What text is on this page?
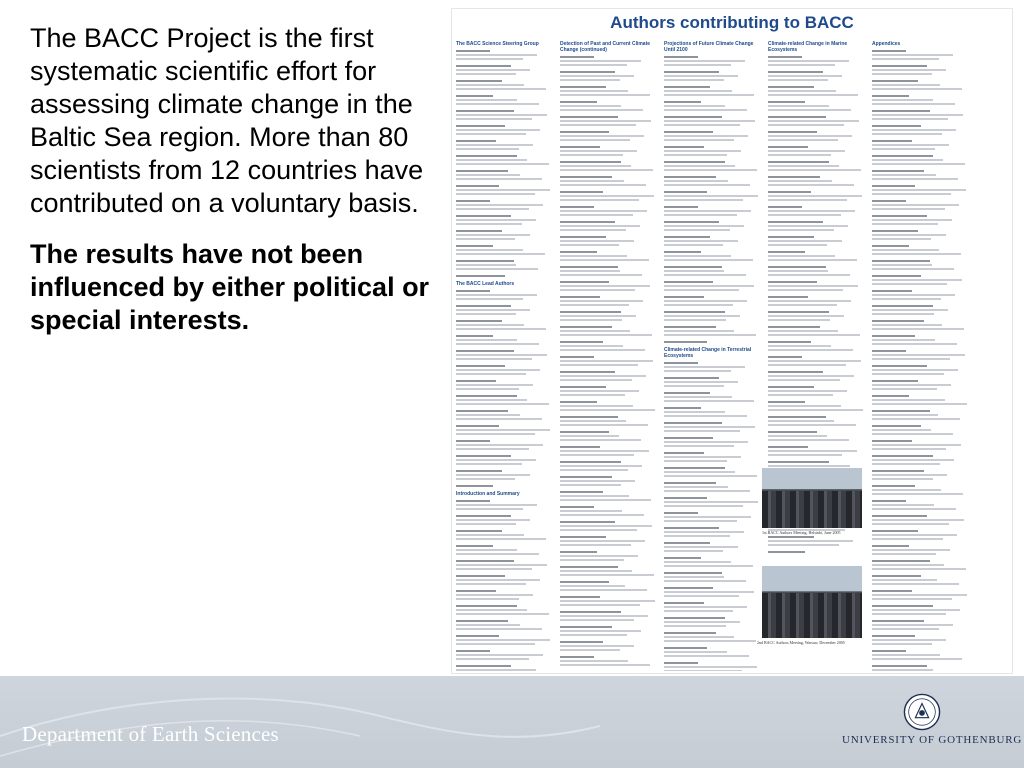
The BACC Project is the first systematic scientific effort for assessing climate change in the Baltic Sea region. More than 80 scientists from 12 countries have contributed on a voluntary basis.

The results have not been influenced by either political or special interests.

Authors contributing to BACC
The BACC Science Steering Group
The BACC Lead Authors
Introduction and Summary
Detection of Past and Current Climate Change (continued)
Projections of Future Climate Change Until 2100
Climate-related Change in Terrestrial Ecosystems
Climate-related Change in Marine Ecosystems
Appendices
1st BACC Authors Meeting, Helsinki, June 2005
2nd BACC Authors Meeting, Warsaw, December 2005
Department of Earth Sciences	UNIVERSITY OF GOTHENBURG
